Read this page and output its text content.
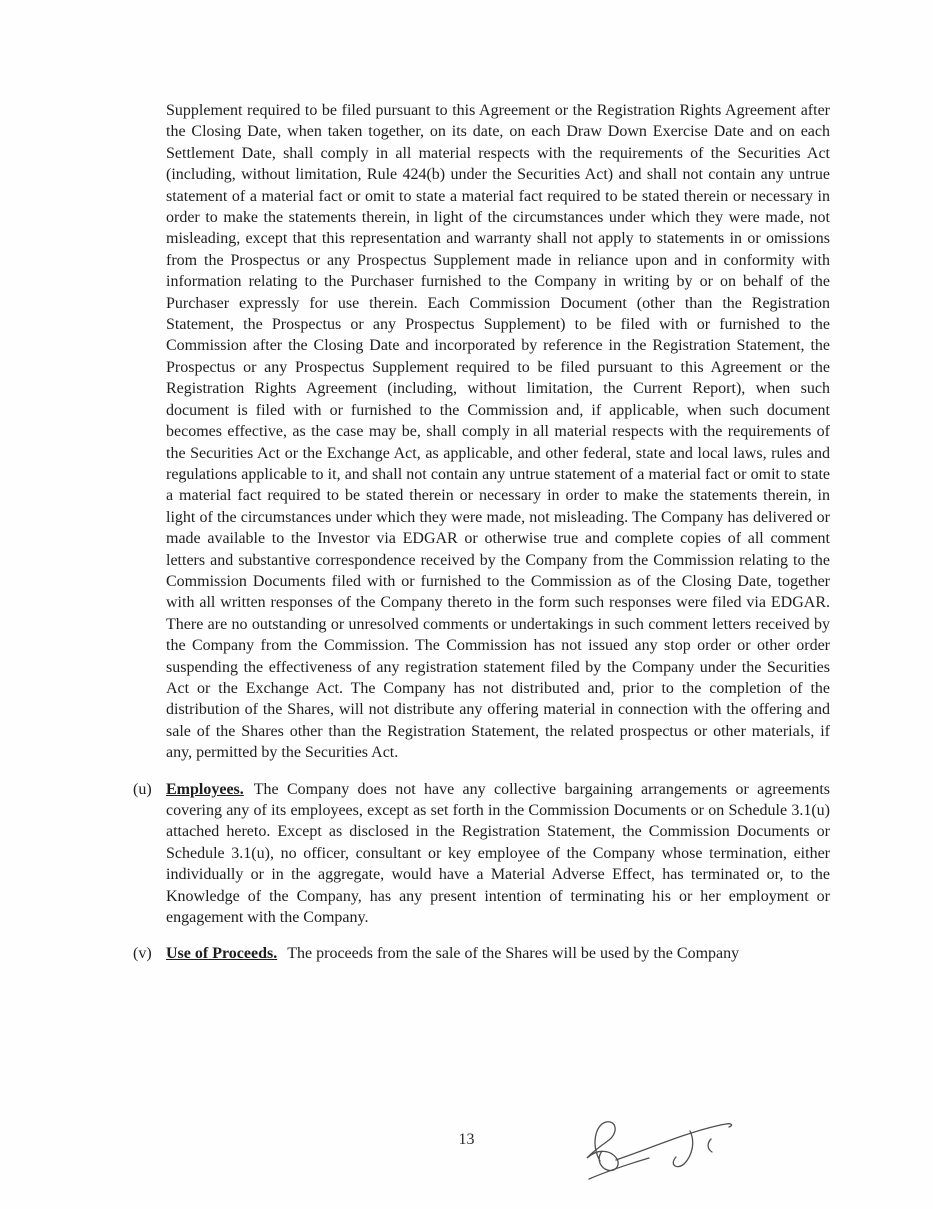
Supplement required to be filed pursuant to this Agreement or the Registration Rights Agreement after the Closing Date, when taken together, on its date, on each Draw Down Exercise Date and on each Settlement Date, shall comply in all material respects with the requirements of the Securities Act (including, without limitation, Rule 424(b) under the Securities Act) and shall not contain any untrue statement of a material fact or omit to state a material fact required to be stated therein or necessary in order to make the statements therein, in light of the circumstances under which they were made, not misleading, except that this representation and warranty shall not apply to statements in or omissions from the Prospectus or any Prospectus Supplement made in reliance upon and in conformity with information relating to the Purchaser furnished to the Company in writing by or on behalf of the Purchaser expressly for use therein. Each Commission Document (other than the Registration Statement, the Prospectus or any Prospectus Supplement) to be filed with or furnished to the Commission after the Closing Date and incorporated by reference in the Registration Statement, the Prospectus or any Prospectus Supplement required to be filed pursuant to this Agreement or the Registration Rights Agreement (including, without limitation, the Current Report), when such document is filed with or furnished to the Commission and, if applicable, when such document becomes effective, as the case may be, shall comply in all material respects with the requirements of the Securities Act or the Exchange Act, as applicable, and other federal, state and local laws, rules and regulations applicable to it, and shall not contain any untrue statement of a material fact or omit to state a material fact required to be stated therein or necessary in order to make the statements therein, in light of the circumstances under which they were made, not misleading. The Company has delivered or made available to the Investor via EDGAR or otherwise true and complete copies of all comment letters and substantive correspondence received by the Company from the Commission relating to the Commission Documents filed with or furnished to the Commission as of the Closing Date, together with all written responses of the Company thereto in the form such responses were filed via EDGAR. There are no outstanding or unresolved comments or undertakings in such comment letters received by the Company from the Commission. The Commission has not issued any stop order or other order suspending the effectiveness of any registration statement filed by the Company under the Securities Act or the Exchange Act. The Company has not distributed and, prior to the completion of the distribution of the Shares, will not distribute any offering material in connection with the offering and sale of the Shares other than the Registration Statement, the related prospectus or other materials, if any, permitted by the Securities Act.

(u) Employees. The Company does not have any collective bargaining arrangements or agreements covering any of its employees, except as set forth in the Commission Documents or on Schedule 3.1(u) attached hereto. Except as disclosed in the Registration Statement, the Commission Documents or Schedule 3.1(u), no officer, consultant or key employee of the Company whose termination, either individually or in the aggregate, would have a Material Adverse Effect, has terminated or, to the Knowledge of the Company, has any present intention of terminating his or her employment or engagement with the Company.

(v) Use of Proceeds. The proceeds from the sale of the Shares will be used by the Company

13
